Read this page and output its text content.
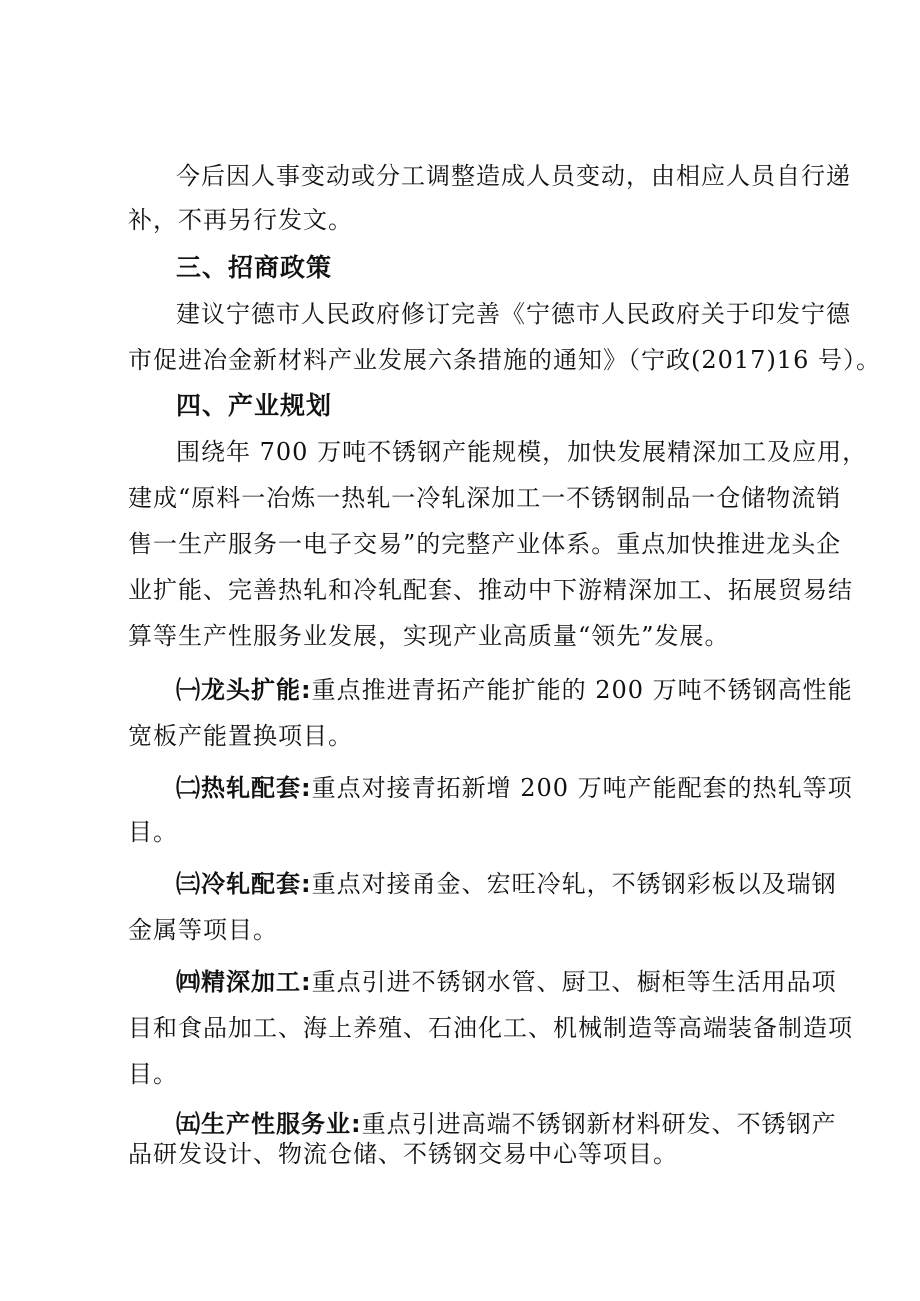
今后因人事变动或分工调整造成人员变动，由相应人员自行递
补，不再另行发文。
三、招商政策
建议宁德市人民政府修订完善《宁德市人民政府关于印发宁德
市促进冶金新材料产业发展六条措施的通知》（宁政(2017)16 号）。
四、产业规划
围绕年 700 万吨不锈钢产能规模，加快发展精深加工及应用，
建成“原料一冶炼一热轧一冷轧深加工一不锈钢制品一仓储物流销
售一生产服务一电子交易”的完整产业体系。重点加快推进龙头企
业扩能、完善热轧和冷轧配套、推动中下游精深加工、拓展贸易结
算等生产性服务业发展，实现产业高质量“领先”发展。
㈠龙头扩能:重点推进青拓产能扩能的 200 万吨不锈钢高性能
宽板产能置换项目。
㈡热轧配套:重点对接青拓新增 200 万吨产能配套的热轧等项
目。
㈢冷轧配套:重点对接甬金、宏旺冷轧，不锈钢彩板以及瑞钢
金属等项目。
㈣精深加工:重点引进不锈钢水管、厨卫、橱柜等生活用品项
目和食品加工、海上养殖、石油化工、机械制造等高端装备制造项
目。
㈤生产性服务业:重点引进高端不锈钢新材料研发、不锈钢产
品研发设计、物流仓储、不锈钢交易中心等项目。
